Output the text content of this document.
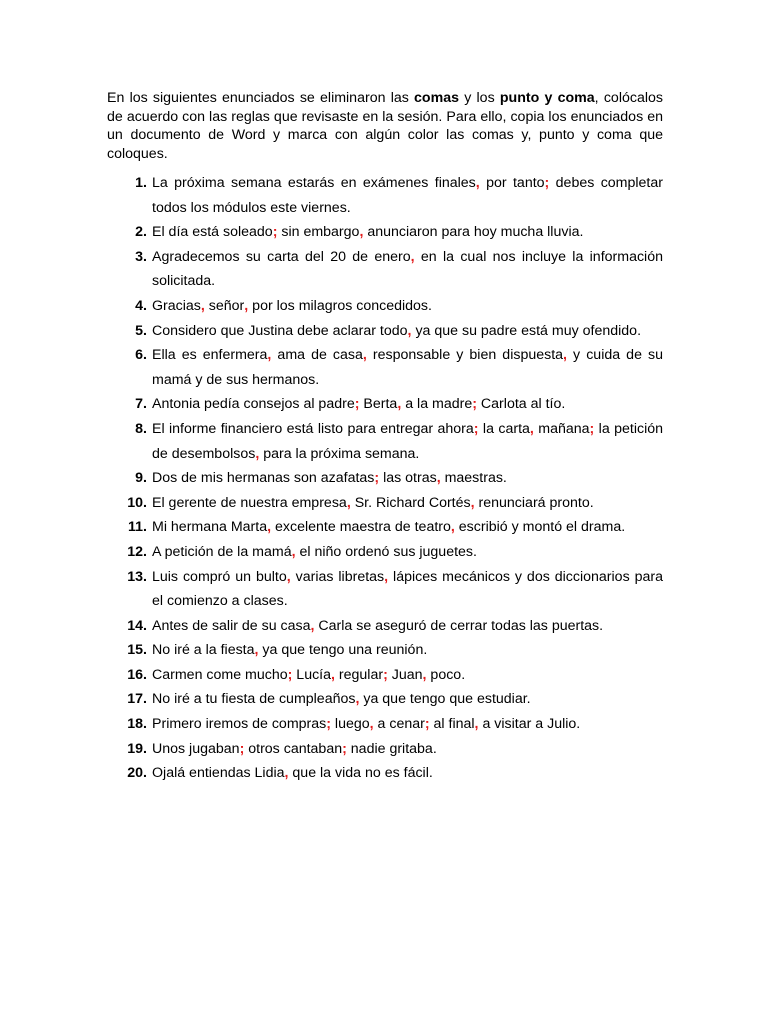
En los siguientes enunciados se eliminaron las comas y los punto y coma, colócalos de acuerdo con las reglas que revisaste en la sesión. Para ello, copia los enunciados en un documento de Word y marca con algún color las comas y, punto y coma que coloques.

1. La próxima semana estarás en exámenes finales, por tanto; debes completar todos los módulos este viernes.
2. El día está soleado; sin embargo, anunciaron para hoy mucha lluvia.
3. Agradecemos su carta del 20 de enero, en la cual nos incluye la información solicitada.
4. Gracias, señor, por los milagros concedidos.
5. Considero que Justina debe aclarar todo, ya que su padre está muy ofendido.
6. Ella es enfermera, ama de casa, responsable y bien dispuesta, y cuida de su mamá y de sus hermanos.
7. Antonia pedía consejos al padre; Berta, a la madre; Carlota al tío.
8. El informe financiero está listo para entregar ahora; la carta, mañana; la petición de desembolsos, para la próxima semana.
9. Dos de mis hermanas son azafatas; las otras, maestras.
10. El gerente de nuestra empresa, Sr. Richard Cortés, renunciará pronto.
11. Mi hermana Marta, excelente maestra de teatro, escribió y montó el drama.
12. A petición de la mamá, el niño ordenó sus juguetes.
13. Luis compró un bulto, varias libretas, lápices mecánicos y dos diccionarios para el comienzo a clases.
14. Antes de salir de su casa, Carla se aseguró de cerrar todas las puertas.
15. No iré a la fiesta, ya que tengo una reunión.
16. Carmen come mucho; Lucía, regular; Juan, poco.
17. No iré a tu fiesta de cumpleaños, ya que tengo que estudiar.
18. Primero iremos de compras; luego, a cenar; al final, a visitar a Julio.
19. Unos jugaban; otros cantaban; nadie gritaba.
20. Ojalá entiendas Lidia, que la vida no es fácil.
